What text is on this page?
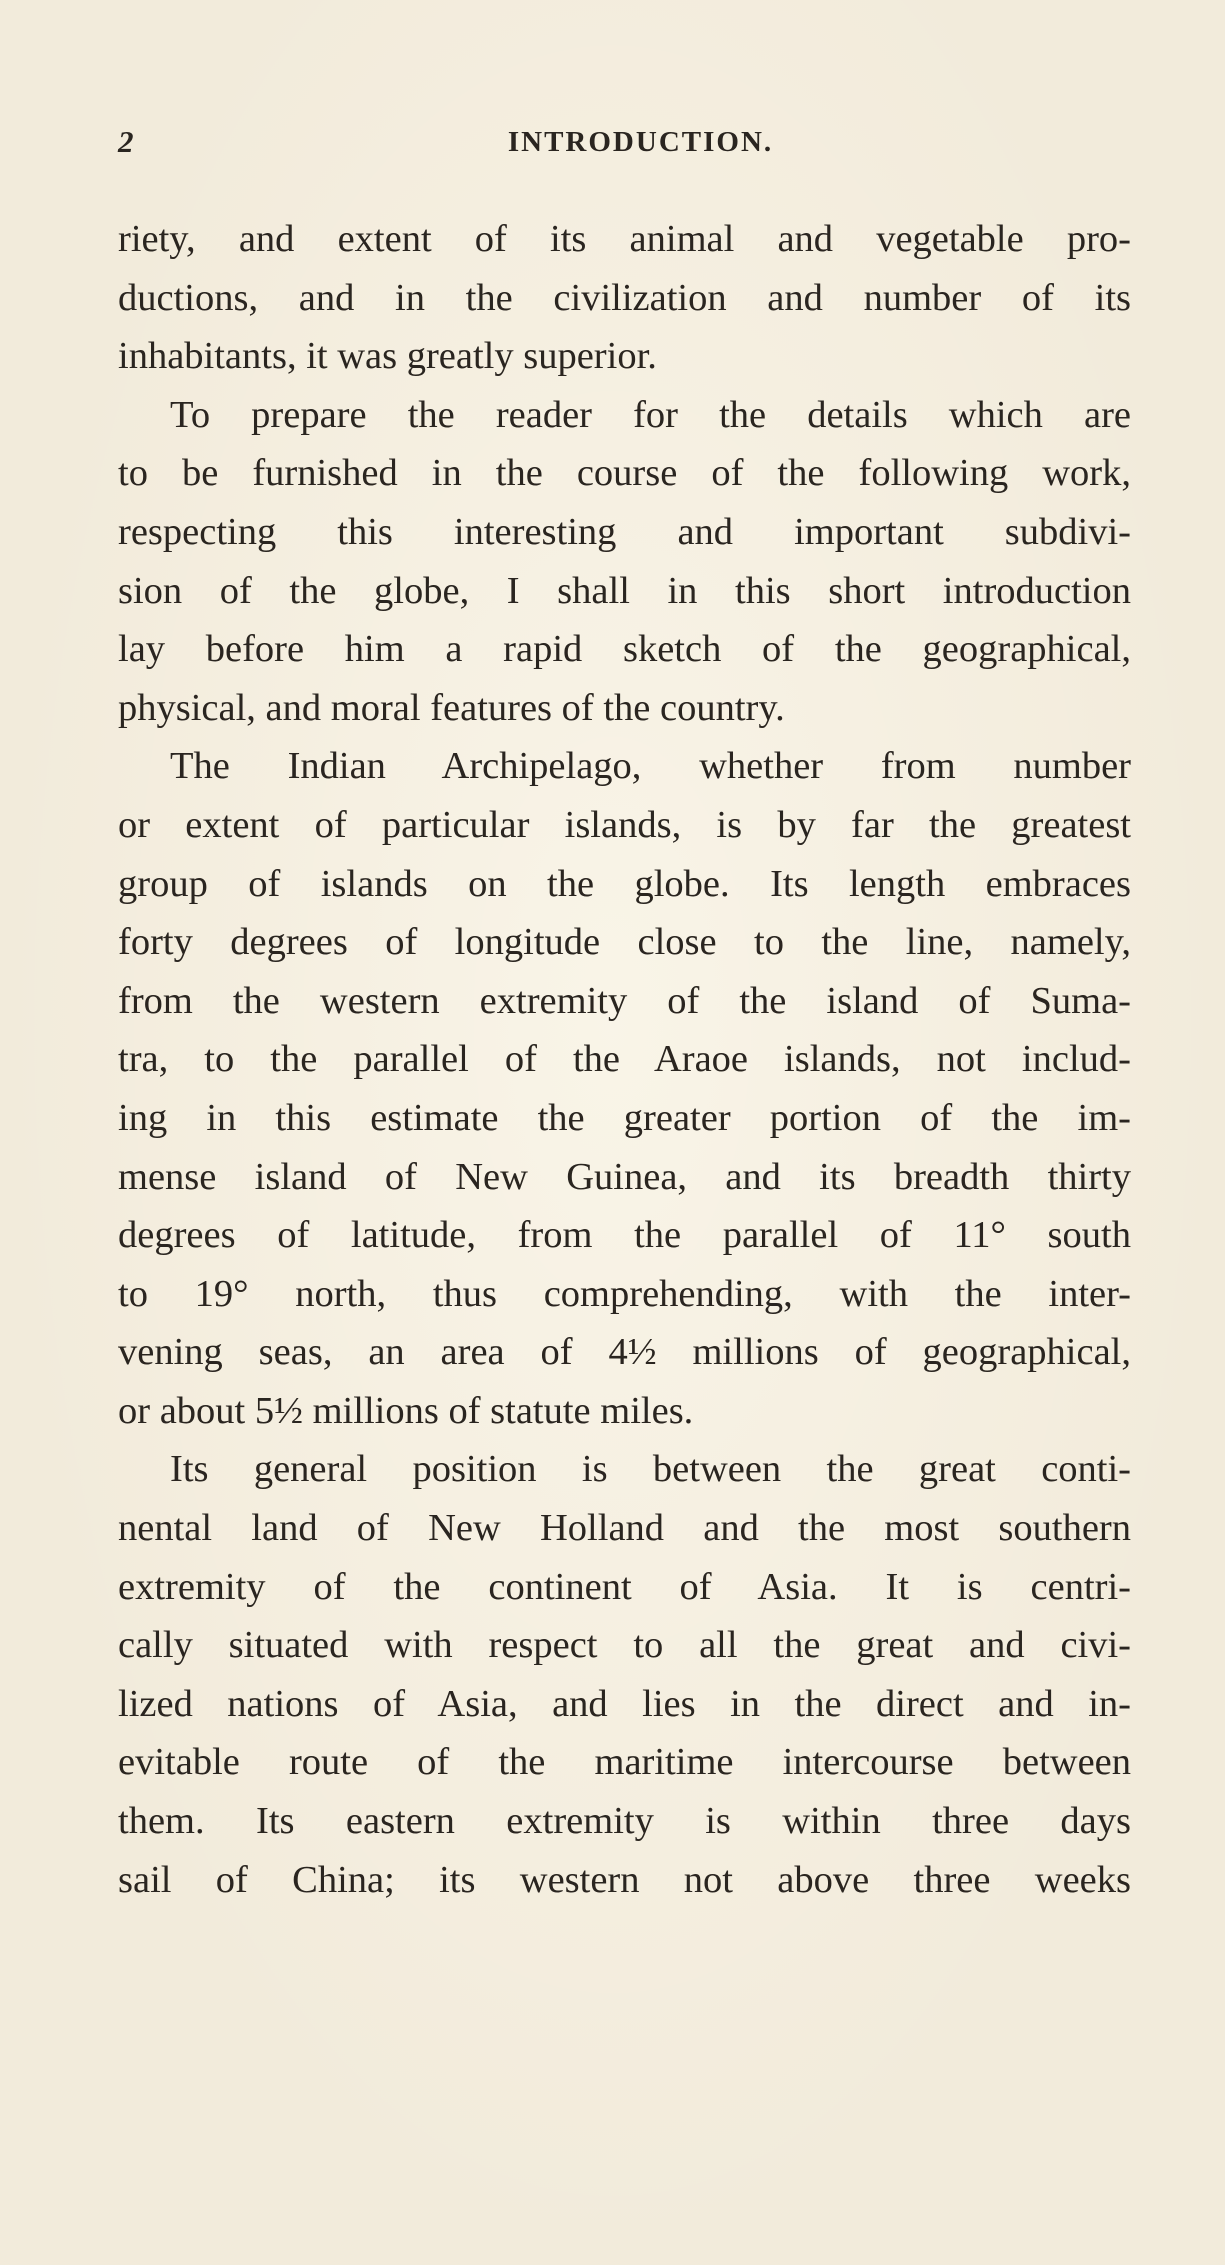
2	INTRODUCTION.
riety, and extent of its animal and vegetable pro-
ductions, and in the civilization and number of its
inhabitants, it was greatly superior.
To prepare the reader for the details which are
to be furnished in the course of the following work,
respecting this interesting and important subdivi-
sion of the globe, I shall in this short introduction
lay before him a rapid sketch of the geographical,
physical, and moral features of the country.
The Indian Archipelago, whether from number
or extent of particular islands, is by far the greatest
group of islands on the globe. Its length embraces
forty degrees of longitude close to the line, namely,
from the western extremity of the island of Suma-
tra, to the parallel of the Araoe islands, not includ-
ing in this estimate the greater portion of the im-
mense island of New Guinea, and its breadth thirty
degrees of latitude, from the parallel of 11° south
to 19° north, thus comprehending, with the inter-
vening seas, an area of 4½ millions of geographical,
or about 5½ millions of statute miles.
Its general position is between the great conti-
nental land of New Holland and the most southern
extremity of the continent of Asia. It is centri-
cally situated with respect to all the great and civi-
lized nations of Asia, and lies in the direct and in-
evitable route of the maritime intercourse between
them. Its eastern extremity is within three days
sail of China; its western not above three weeks
